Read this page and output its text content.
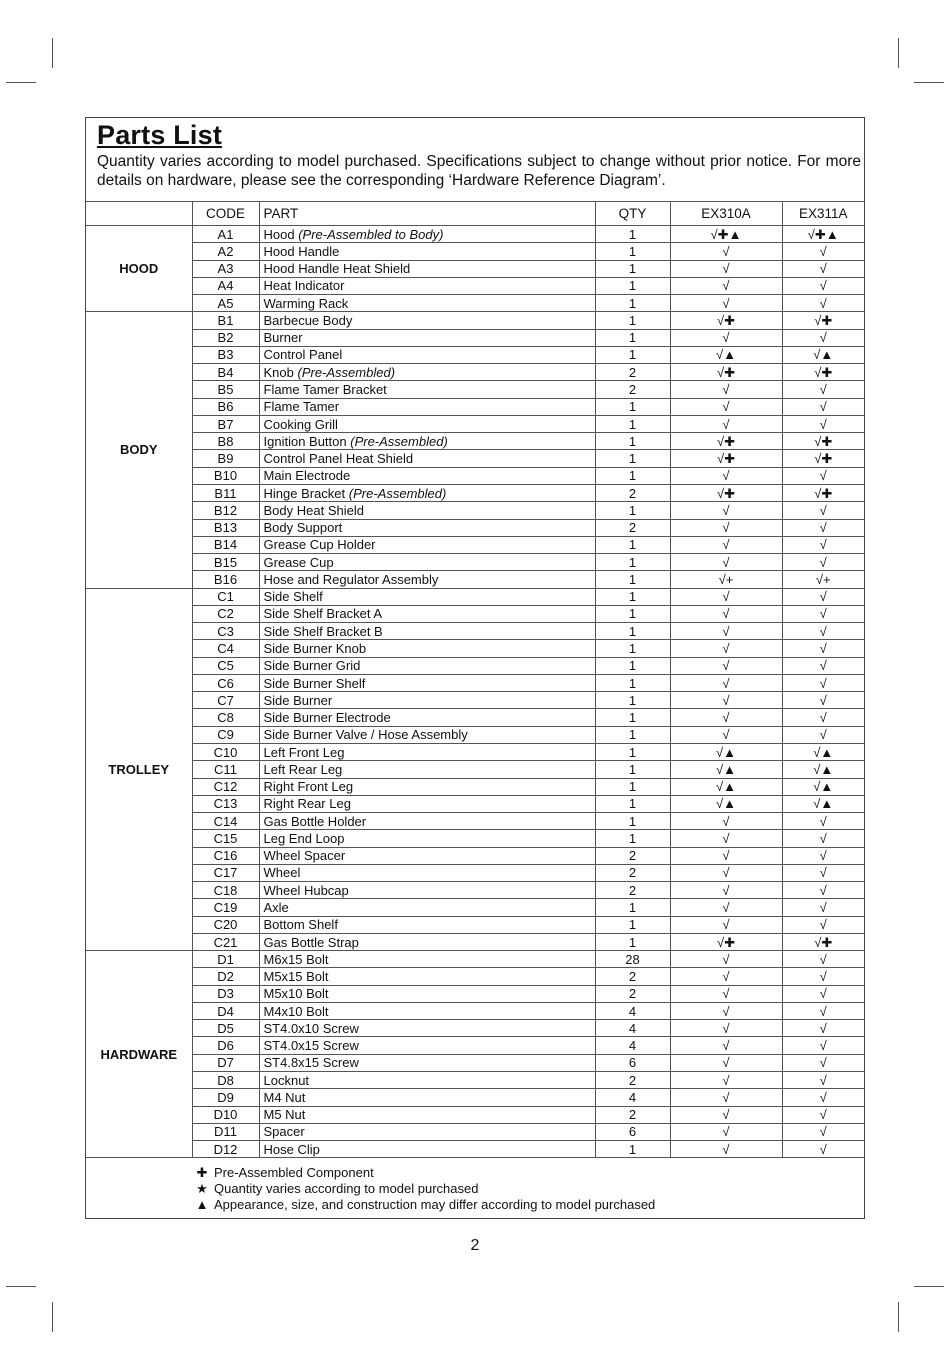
Parts List

Quantity varies according to model purchased. Specifications subject to change without prior notice. For more details on hardware, please see the corresponding ‘Hardware Reference Diagram’.

	CODE	PART	QTY	EX310A	EX311A
HOOD	A1	Hood (Pre-Assembled to Body)	1	√✚▲	√✚▲
	A2	Hood Handle	1	√	√
	A3	Hood Handle Heat Shield	1	√	√
	A4	Heat Indicator	1	√	√
	A5	Warming Rack	1	√	√
BODY	B1	Barbecue Body	1	√✚	√✚
	B2	Burner	1	√	√
	B3	Control Panel	1	√▲	√▲
	B4	Knob (Pre-Assembled)	2	√✚	√✚
	B5	Flame Tamer Bracket	2	√	√
	B6	Flame Tamer	1	√	√
	B7	Cooking Grill	1	√	√
	B8	Ignition Button (Pre-Assembled)	1	√✚	√✚
	B9	Control Panel Heat Shield	1	√✚	√✚
	B10	Main Electrode	1	√	√
	B11	Hinge Bracket (Pre-Assembled)	2	√✚	√✚
	B12	Body Heat Shield	1	√	√
	B13	Body Support	2	√	√
	B14	Grease Cup Holder	1	√	√
	B15	Grease Cup	1	√	√
	B16	Hose and Regulator Assembly	1	√+	√+
TROLLEY	C1	Side Shelf	1	√	√
	C2	Side Shelf Bracket A	1	√	√
	C3	Side Shelf Bracket B	1	√	√
	C4	Side Burner Knob	1	√	√
	C5	Side Burner Grid	1	√	√
	C6	Side Burner Shelf	1	√	√
	C7	Side Burner	1	√	√
	C8	Side Burner Electrode	1	√	√
	C9	Side Burner Valve / Hose Assembly	1	√	√
	C10	Left Front Leg	1	√▲	√▲
	C11	Left Rear Leg	1	√▲	√▲
	C12	Right Front Leg	1	√▲	√▲
	C13	Right Rear Leg	1	√▲	√▲
	C14	Gas Bottle Holder	1	√	√
	C15	Leg End Loop	1	√	√
	C16	Wheel Spacer	2	√	√
	C17	Wheel	2	√	√
	C18	Wheel Hubcap	2	√	√
	C19	Axle	1	√	√
	C20	Bottom Shelf	1	√	√
	C21	Gas Bottle Strap	1	√✚	√✚
HARDWARE	D1	M6x15 Bolt	28	√	√
	D2	M5x15 Bolt	2	√	√
	D3	M5x10 Bolt	2	√	√
	D4	M4x10 Bolt	4	√	√
	D5	ST4.0x10 Screw	4	√	√
	D6	ST4.0x15 Screw	4	√	√
	D7	ST4.8x15 Screw	6	√	√
	D8	Locknut	2	√	√
	D9	M4 Nut	4	√	√
	D10	M5 Nut	2	√	√
	D11	Spacer	6	√	√
	D12	Hose Clip	1	√	√
✚ Pre-Assembled Component
★ Quantity varies according to model purchased
▲ Appearance, size, and construction may differ according to model purchased
2
